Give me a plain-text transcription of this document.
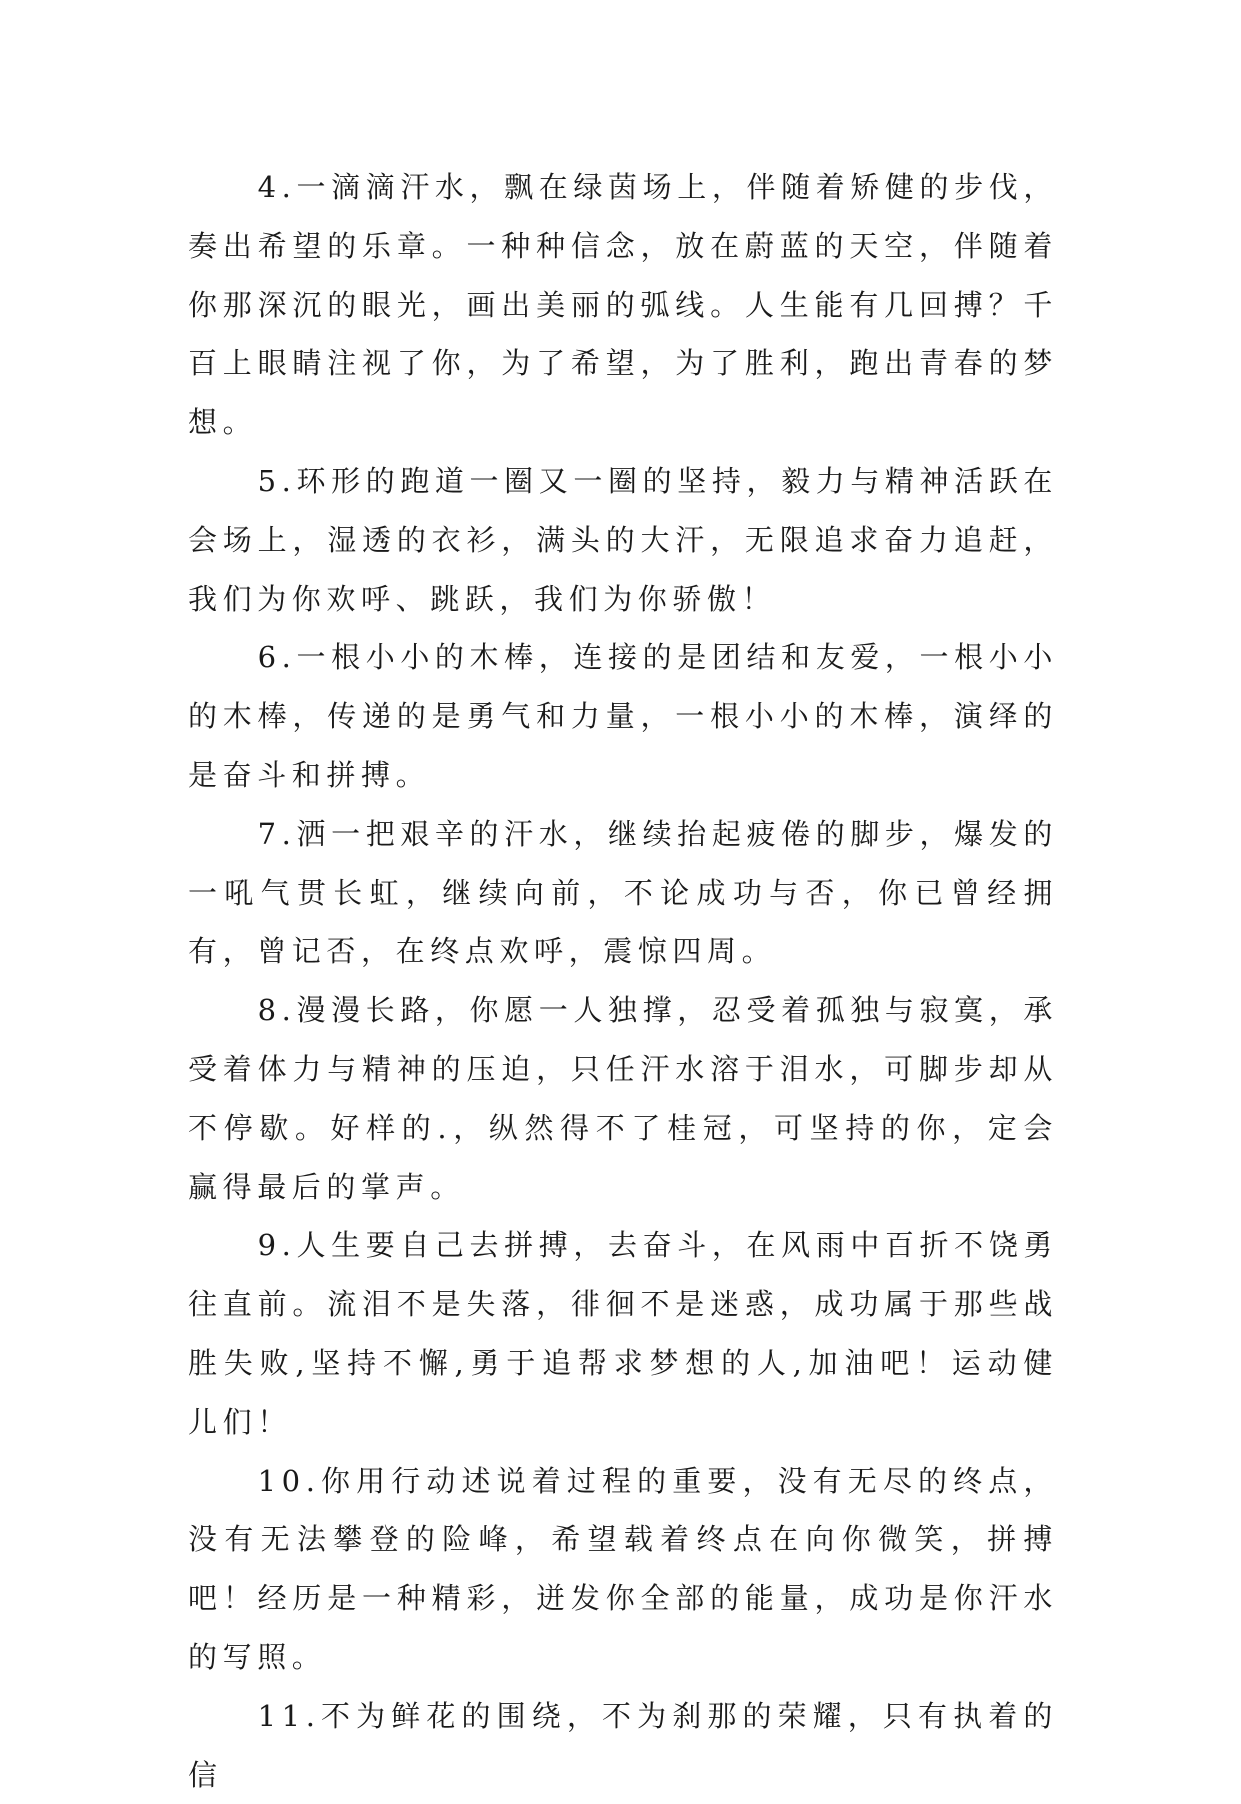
4.一滴滴汗水，飘在绿茵场上，伴随着矫健的步伐，奏出希望的乐章。一种种信念，放在蔚蓝的天空，伴随着你那深沉的眼光，画出美丽的弧线。人生能有几回搏？千百上眼睛注视了你，为了希望，为了胜利，跑出青春的梦想。

5.环形的跑道一圈又一圈的坚持，毅力与精神活跃在会场上，湿透的衣衫，满头的大汗，无限追求奋力追赶，我们为你欢呼、跳跃，我们为你骄傲！

6.一根小小的木棒，连接的是团结和友爱，一根小小的木棒，传递的是勇气和力量，一根小小的木棒，演绎的是奋斗和拼搏。

7.洒一把艰辛的汗水，继续抬起疲倦的脚步，爆发的一吼气贯长虹，继续向前，不论成功与否，你已曾经拥有，曾记否，在终点欢呼，震惊四周。

8.漫漫长路，你愿一人独撑，忍受着孤独与寂寞，承受着体力与精神的压迫，只任汗水溶于泪水，可脚步却从不停歇。好样的.，纵然得不了桂冠，可坚持的你，定会赢得最后的掌声。

9.人生要自己去拼搏，去奋斗，在风雨中百折不饶勇往直前。流泪不是失落，徘徊不是迷惑，成功属于那些战胜失败,坚持不懈,勇于追帮求梦想的人,加油吧！运动健儿们！

10.你用行动述说着过程的重要，没有无尽的终点，没有无法攀登的险峰，希望载着终点在向你微笑，拼搏吧！经历是一种精彩，迸发你全部的能量，成功是你汗水的写照。

11.不为鲜花的围绕，不为刹那的荣耀，只有执着的信
